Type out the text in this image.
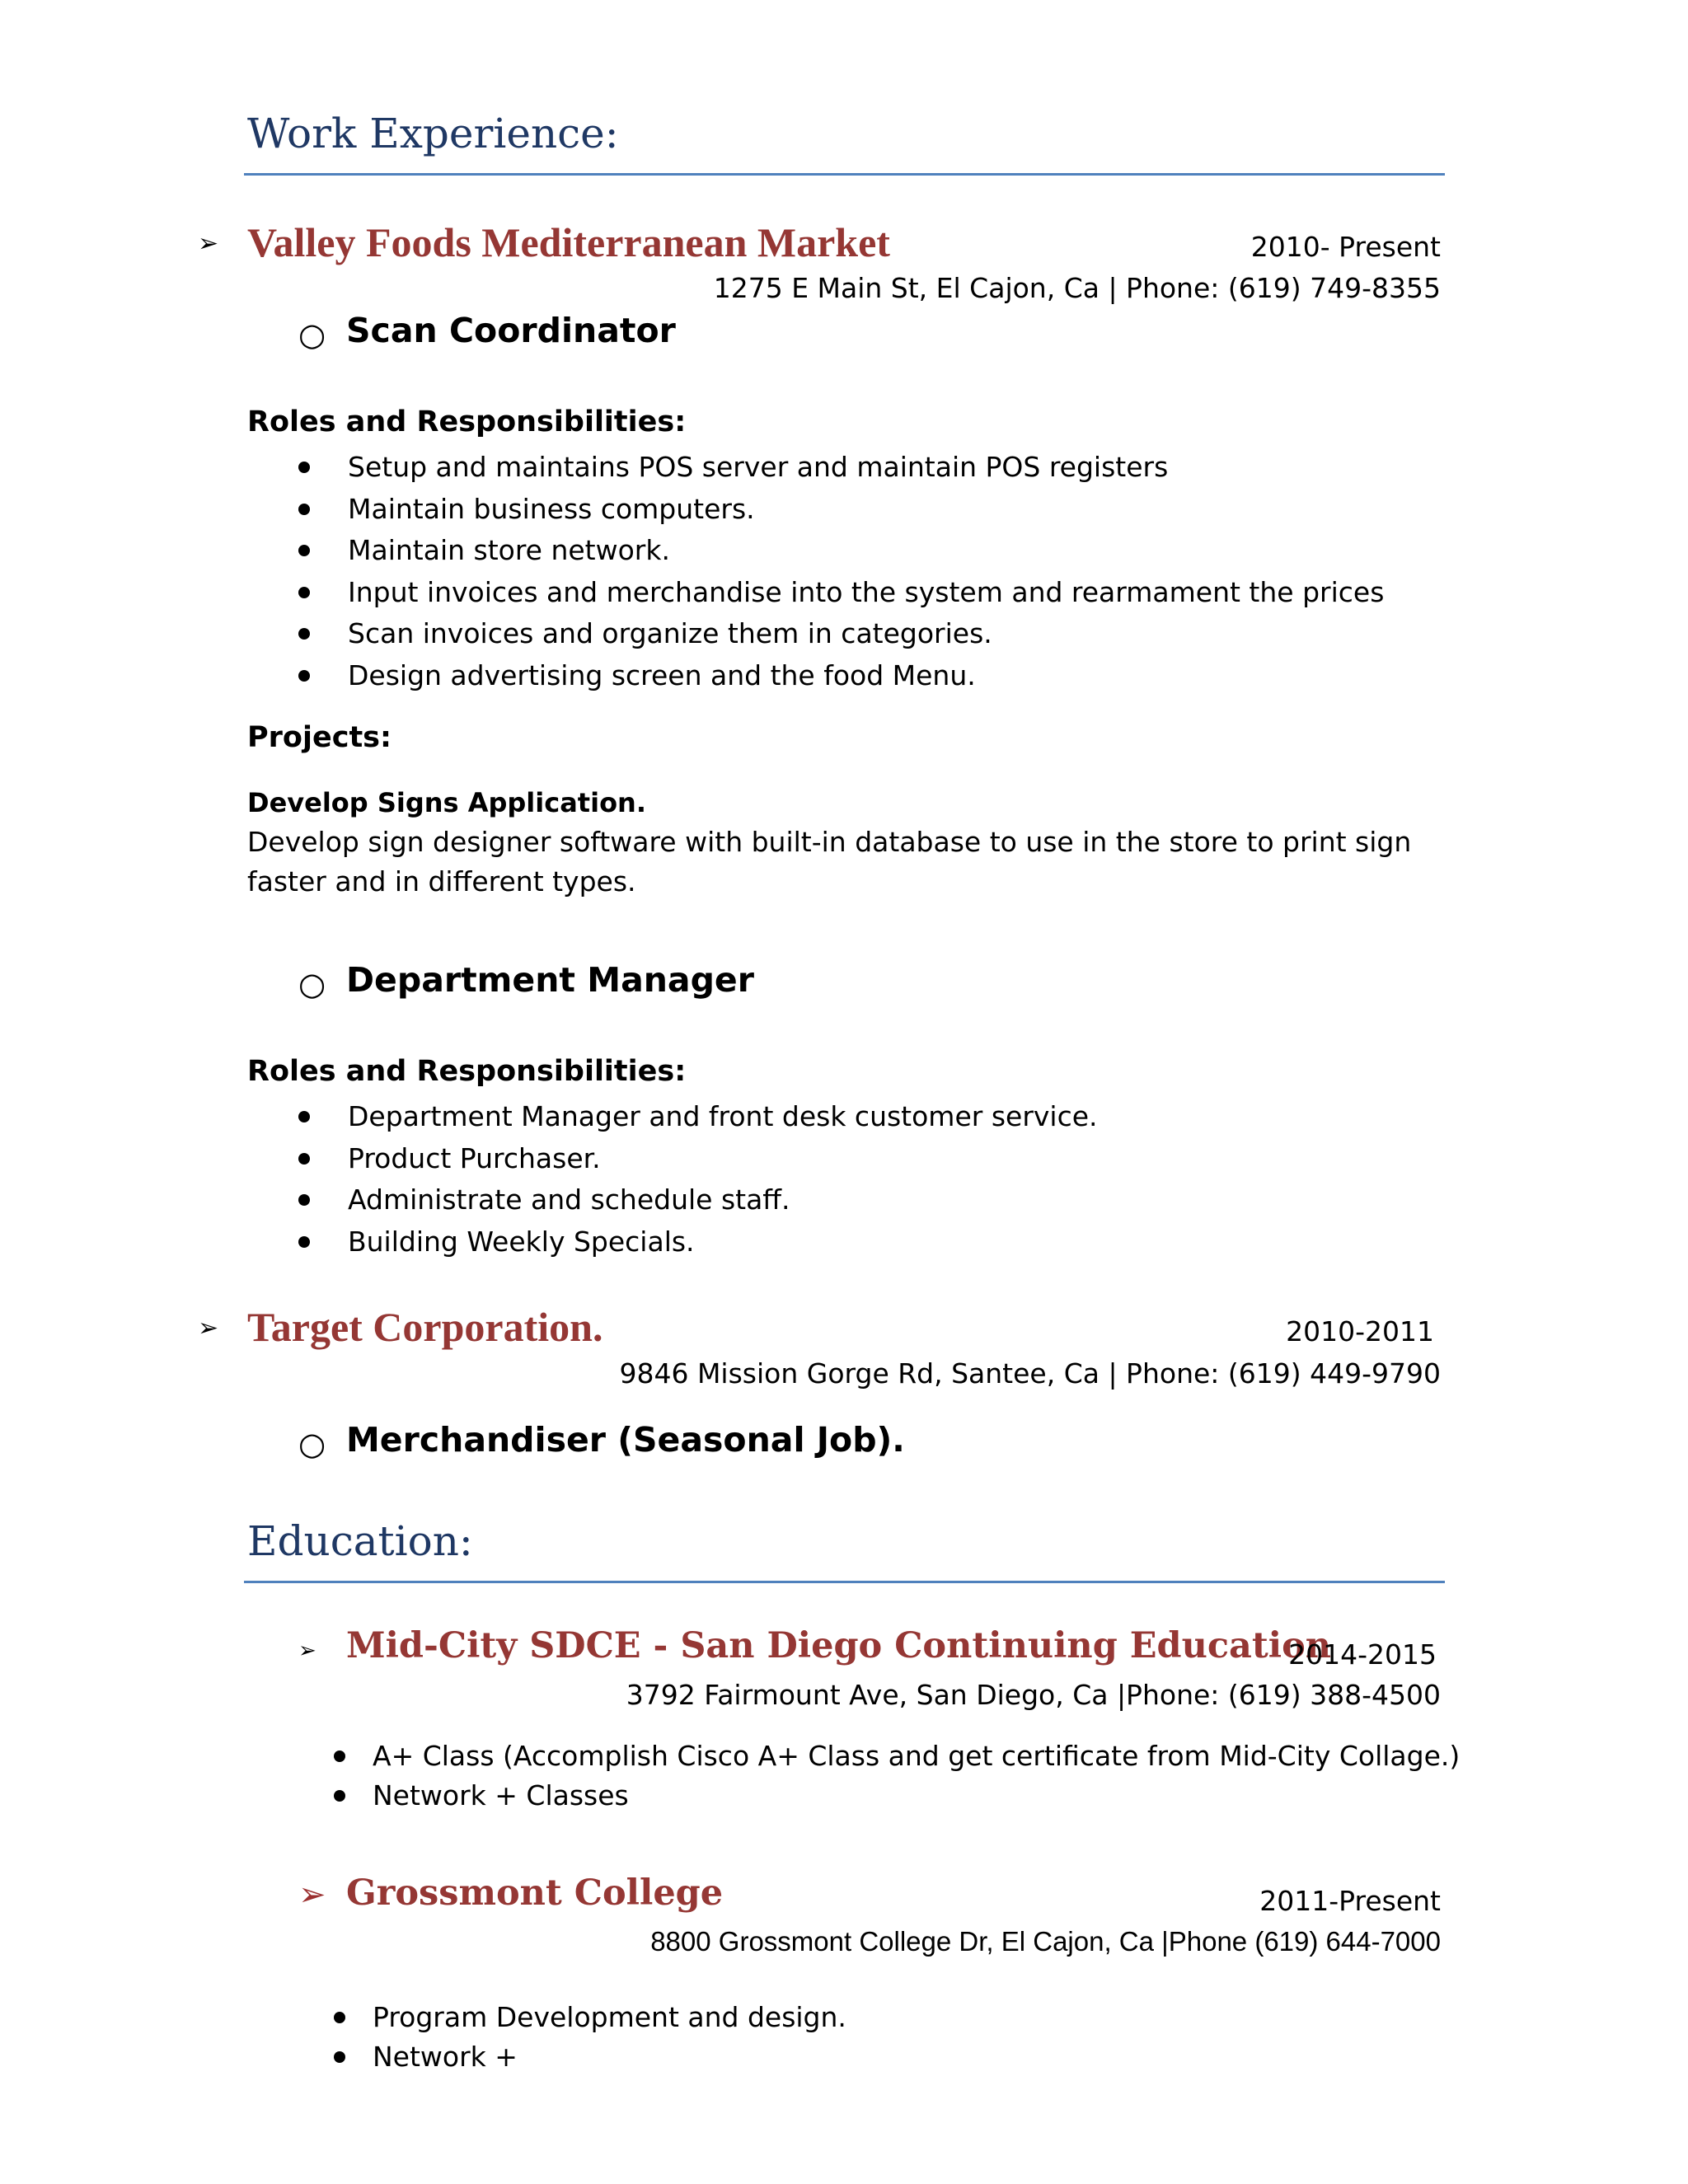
Work Experience:
➢ Valley Foods Mediterranean Market	2010- Present
1275 E Main St, El Cajon, Ca | Phone: (619) 749-8355
○ Scan Coordinator
Roles and Responsibilities:
Setup and maintains POS server and maintain POS registers
Maintain business computers.
Maintain store network.
Input invoices and merchandise into the system and rearmament the prices
Scan invoices and organize them in categories.
Design advertising screen and the food Menu.
Projects:
Develop Signs Application.
Develop sign designer software with built-in database to use in the store to print sign faster and in different types.
○ Department Manager
Roles and Responsibilities:
Department Manager and front desk customer service.
Product Purchaser.
Administrate and schedule staff.
Building Weekly Specials.
➢ Target Corporation.	2010-2011
9846 Mission Gorge Rd, Santee, Ca | Phone: (619) 449-9790
○ Merchandiser (Seasonal Job).
Education:
➢ Mid-City SDCE - San Diego Continuing Education
2014-2015
3792 Fairmount Ave, San Diego, Ca |Phone: (619) 388-4500
A+ Class (Accomplish Cisco A+ Class and get certificate from Mid-City Collage.)
Network + Classes
➢ Grossmont College	2011-Present
8800 Grossmont College Dr, El Cajon, Ca |Phone (619) 644-7000
Program Development and design.
Network +
